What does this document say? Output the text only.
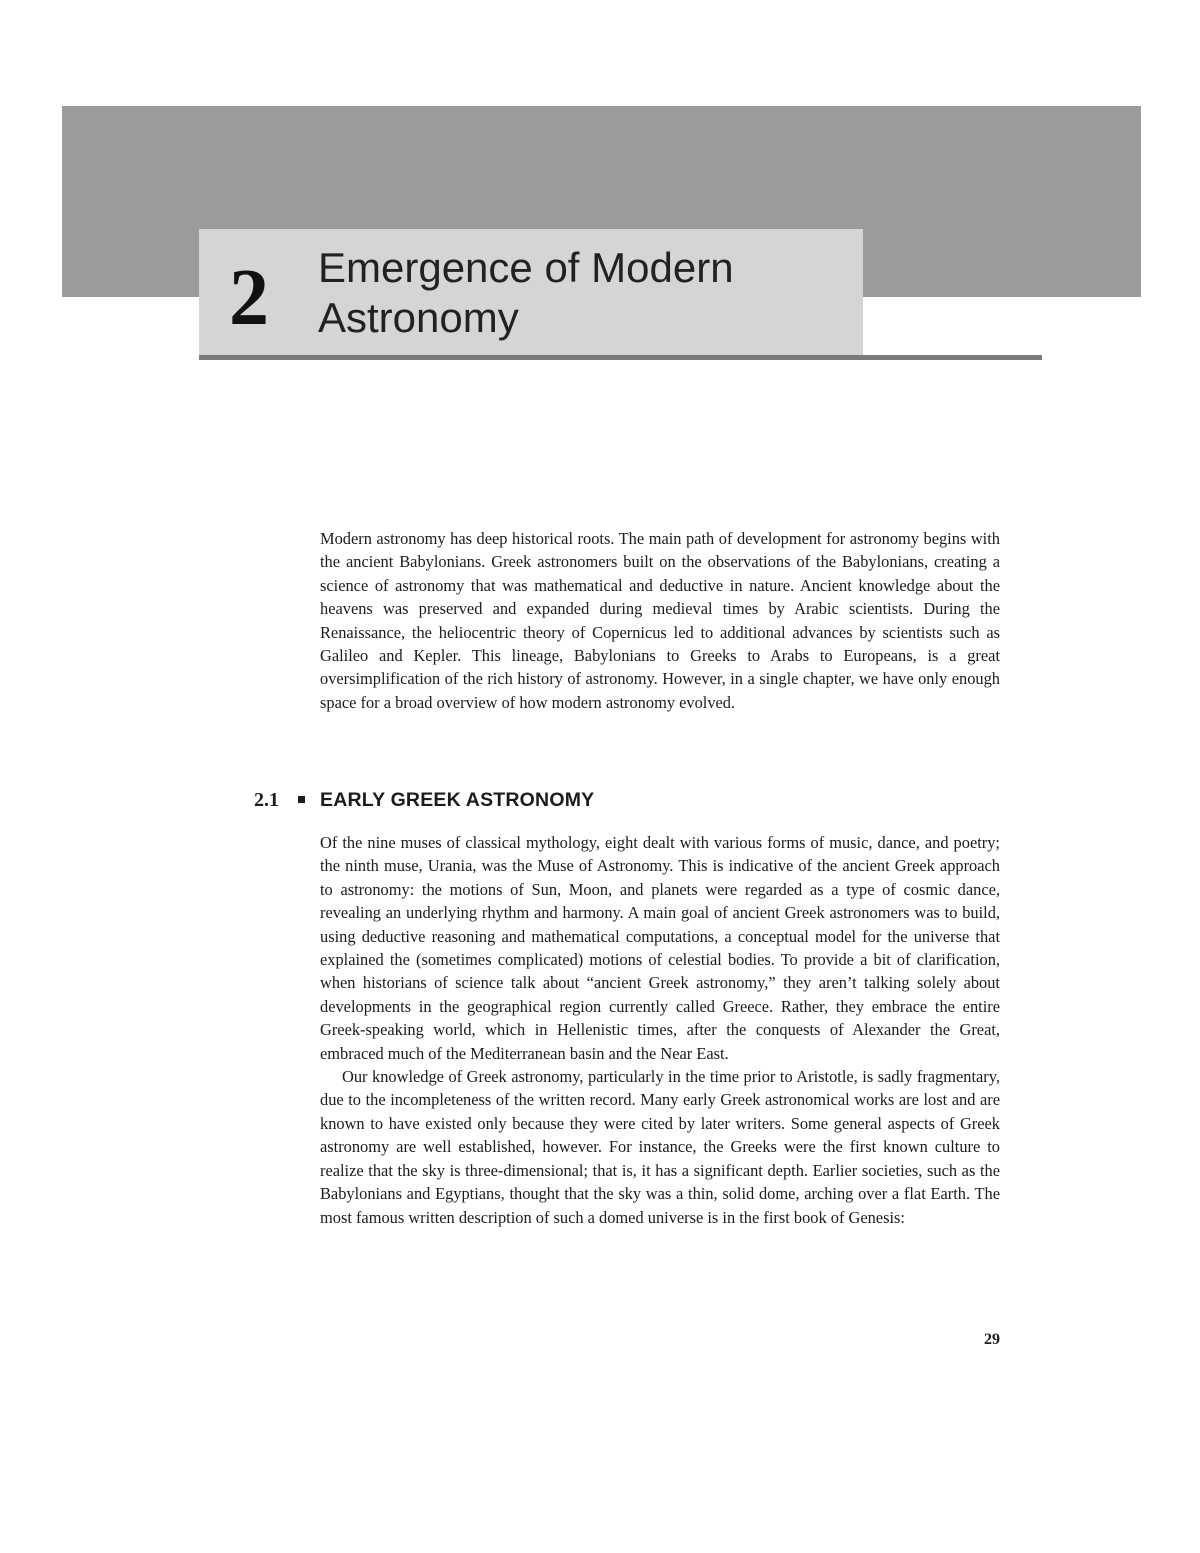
2	Emergence of Modern
Astronomy
Modern astronomy has deep historical roots. The main path of development for astronomy begins with the ancient Babylonians. Greek astronomers built on the observations of the Babylonians, creating a science of astronomy that was mathematical and deductive in nature. Ancient knowledge about the heavens was preserved and expanded during medieval times by Arabic scientists. During the Renaissance, the heliocentric theory of Copernicus led to additional advances by scientists such as Galileo and Kepler. This lineage, Babylonians to Greeks to Arabs to Europeans, is a great oversimplification of the rich history of astronomy. However, in a single chapter, we have only enough space for a broad overview of how modern astronomy evolved.
2.1 EARLY GREEK ASTRONOMY

Of the nine muses of classical mythology, eight dealt with various forms of music, dance, and poetry; the ninth muse, Urania, was the Muse of Astronomy. This is indicative of the ancient Greek approach to astronomy: the motions of Sun, Moon, and planets were regarded as a type of cosmic dance, revealing an underlying rhythm and harmony. A main goal of ancient Greek astronomers was to build, using deductive reasoning and mathematical computations, a conceptual model for the universe that explained the (sometimes complicated) motions of celestial bodies. To provide a bit of clarification, when historians of science talk about “ancient Greek astronomy,” they aren’t talking solely about developments in the geographical region currently called Greece. Rather, they embrace the entire Greek-speaking world, which in Hellenistic times, after the conquests of Alexander the Great, embraced much of the Mediterranean basin and the Near East.

Our knowledge of Greek astronomy, particularly in the time prior to Aristotle, is sadly fragmentary, due to the incompleteness of the written record. Many early Greek astronomical works are lost and are known to have existed only because they were cited by later writers. Some general aspects of Greek astronomy are well established, however. For instance, the Greeks were the first known culture to realize that the sky is three-dimensional; that is, it has a significant depth. Earlier societies, such as the Babylonians and Egyptians, thought that the sky was a thin, solid dome, arching over a flat Earth. The most famous written description of such a domed universe is in the first book of Genesis:

29
